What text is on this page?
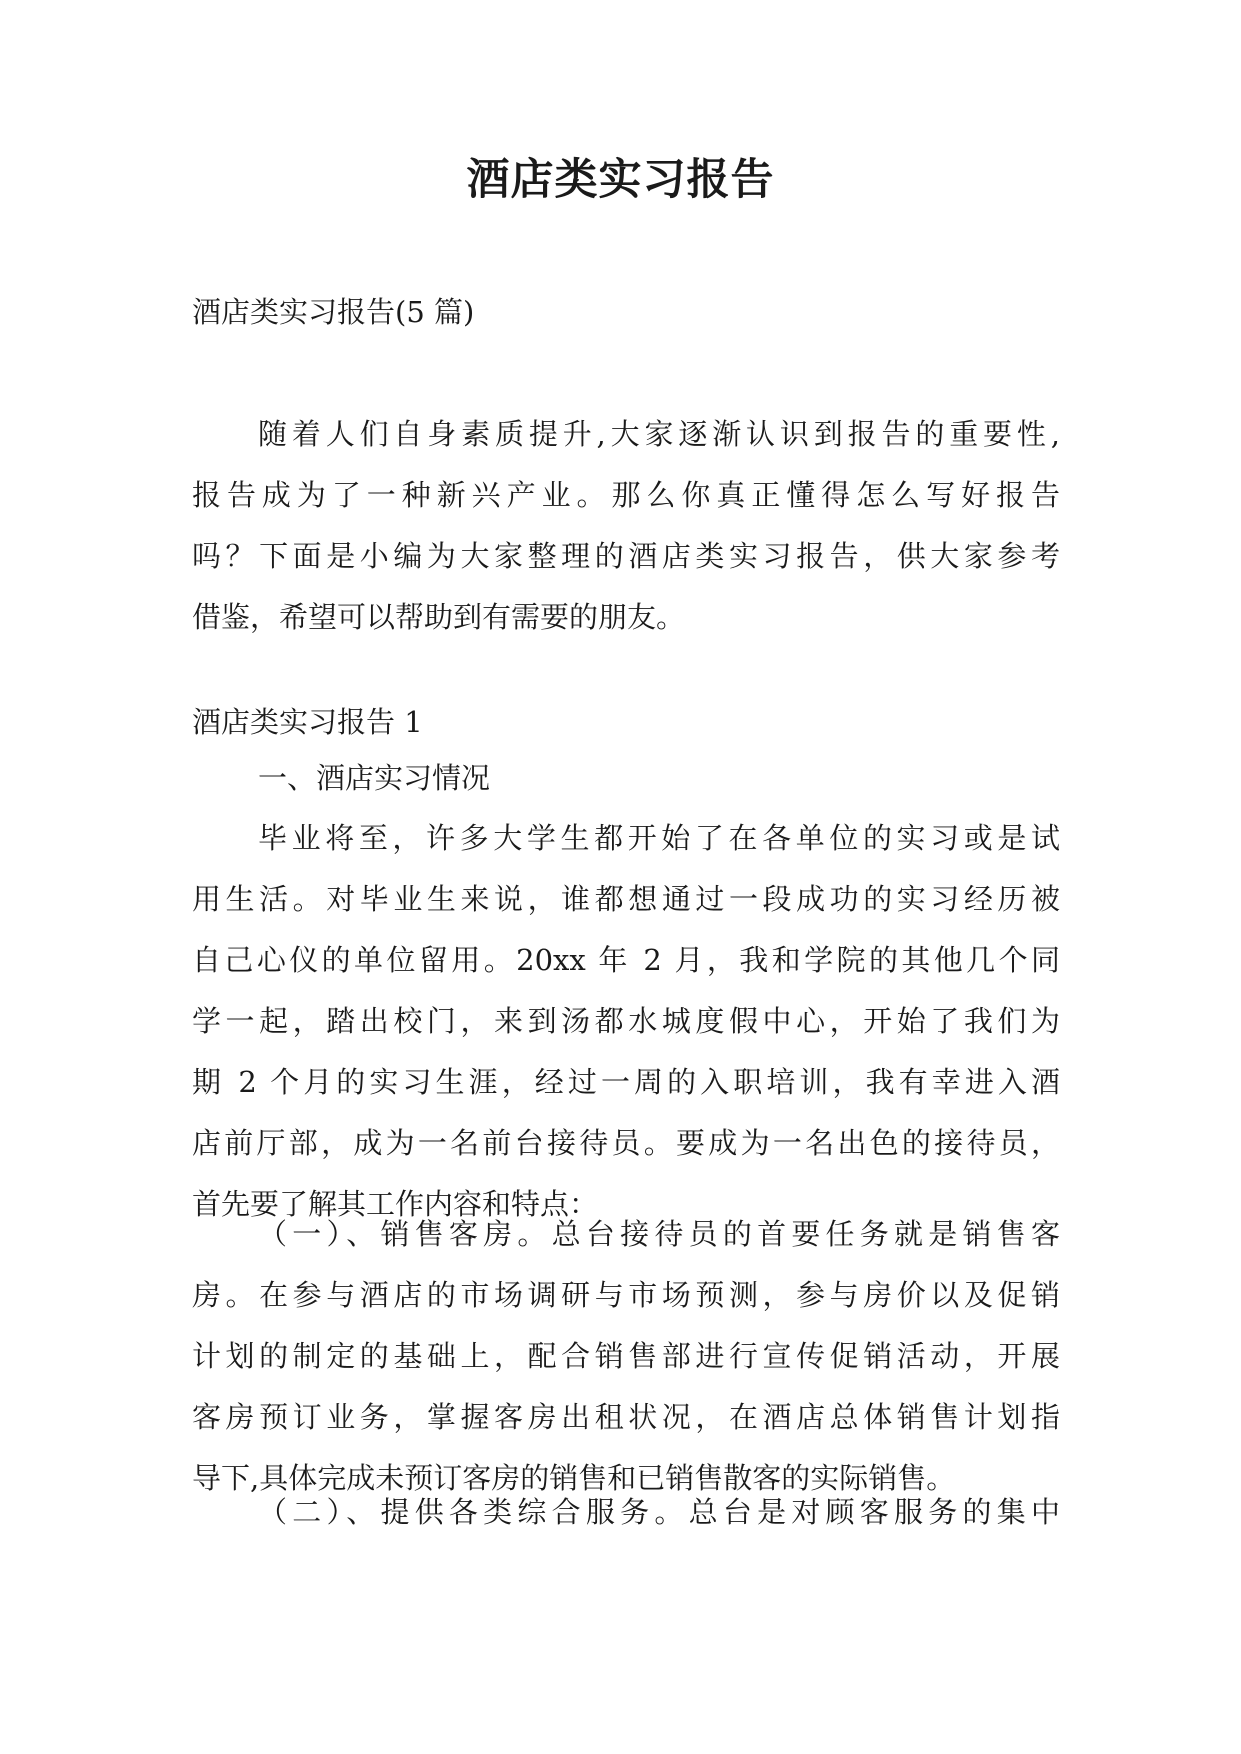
酒店类实习报告
酒店类实习报告(5 篇)
随着人们自身素质提升,大家逐渐认识到报告的重要性,
报告成为了一种新兴产业。那么你真正懂得怎么写好报告
吗？下面是小编为大家整理的酒店类实习报告，供大家参考
借鉴，希望可以帮助到有需要的朋友。
酒店类实习报告 1
一、酒店实习情况
毕业将至，许多大学生都开始了在各单位的实习或是试
用生活。对毕业生来说，谁都想通过一段成功的实习经历被
自己心仪的单位留用。20xx 年 2 月，我和学院的其他几个同
学一起，踏出校门，来到汤都水城度假中心，开始了我们为
期 2 个月的实习生涯，经过一周的入职培训，我有幸进入酒
店前厅部，成为一名前台接待员。要成为一名出色的接待员，
首先要了解其工作内容和特点：
（一）、销售客房。总台接待员的首要任务就是销售客
房。在参与酒店的市场调研与市场预测，参与房价以及促销
计划的制定的基础上，配合销售部进行宣传促销活动，开展
客房预订业务，掌握客房出租状况，在酒店总体销售计划指
导下,具体完成未预订客房的销售和已销售散客的实际销售。
（二）、提供各类综合服务。总台是对顾客服务的集中
